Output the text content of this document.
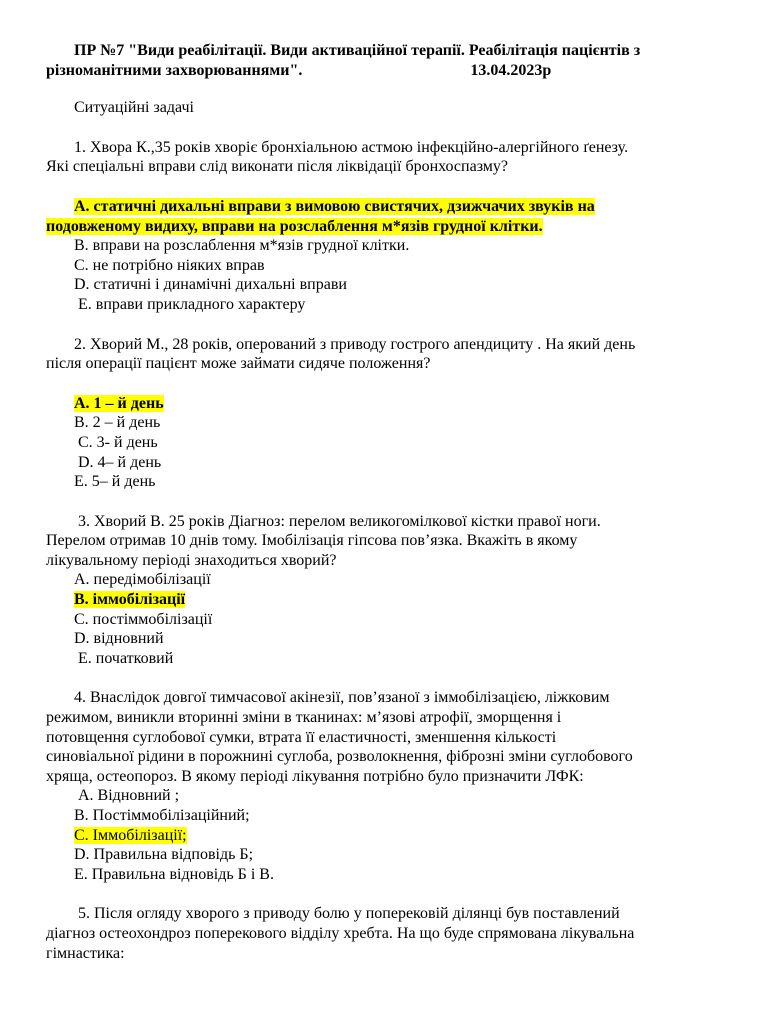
ПР №7 "Види реабілітації. Види активаційної терапії. Реабілітація пацієнтів з
різноманітними захворюваннями".	13.04.2023р
Ситуаційні задачі
1. Хвора К.,35 років хворіє бронхіальною астмою інфекційно-алергійного ґенезу.
Які спеціальні вправи слід виконати після ліквідації бронхоспазму?
А. статичні дихальні вправи з вимовою свистячих, дзижчачих звуків на
подовженому видиху, вправи на розслаблення м*язів грудної клітки.
B. вправи на розслаблення м*язів грудної клітки.
C. не потрібно ніяких вправ
D. статичні і динамічні дихальні вправи
E. вправи прикладного характеру
2. Хворий М., 28 років, оперований з приводу гострого апендициту . На який день
після операції пацієнт може займати сидяче положення?
A. 1 – й день
B. 2 – й день
C. 3- й день
D. 4– й день
E. 5– й день
3. Хворий В. 25 років Діагноз: перелом великогомілкової кістки правої ноги.
Перелом отримав 10 днів тому. Імобілізація гіпсова пов’язка. Вкажіть в якому
лікувальному періоді знаходиться хворий?
A. передімобілізації
B. іммобілізації
C. постіммобілізації
D. відновний
E. початковий
4. Внаслідок довгої тимчасової акінезії, пов’язаної з іммобілізацією, ліжковим
режимом, виникли вторинні зміни в тканинах: м’язові атрофії, зморщення і
потовщення суглобової сумки, втрата її еластичності, зменшення кількості
синовіальної рідини в порожнині суглоба, розволокнення, фіброзні зміни суглобового
хряща, остеопороз. В якому періоді лікування потрібно було призначити ЛФК:
A. Відновний ;
B. Постіммобілізаційний;
C. Іммобілізації;
D. Правильна відповідь Б;
E. Правильна відновідь Б і В.
5. Після огляду хворого з приводу болю у поперековій ділянці був поставлений
діагноз остеохондроз поперекового відділу хребта. На що буде спрямована лікувальна
гімнастика:
